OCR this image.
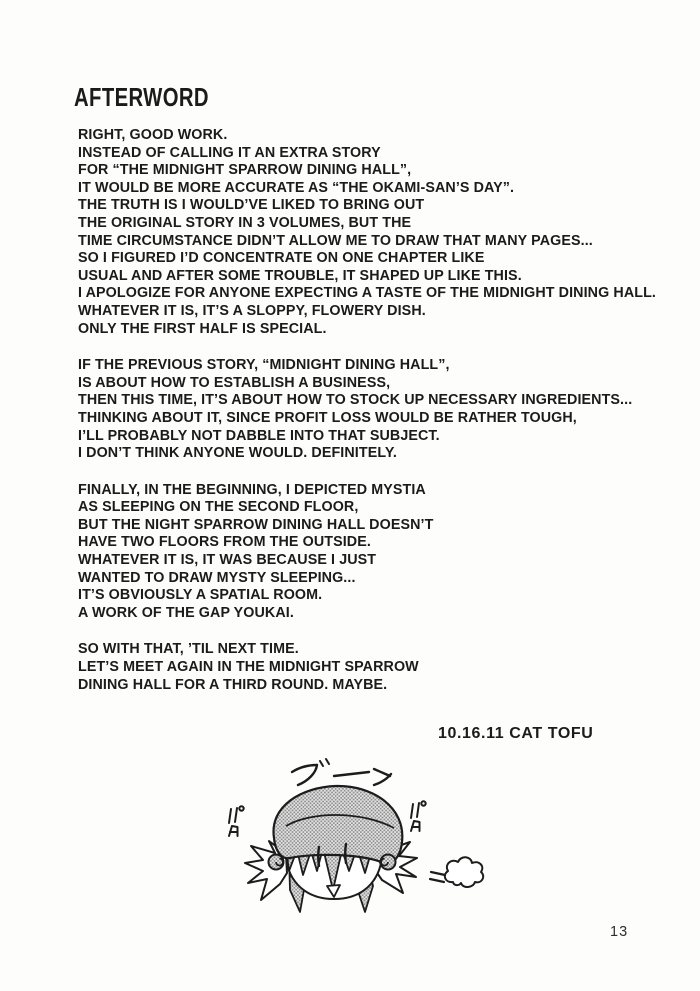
AFTERWORD

RIGHT, GOOD WORK.
INSTEAD OF CALLING IT AN EXTRA STORY
FOR “THE MIDNIGHT SPARROW DINING HALL”,
IT WOULD BE MORE ACCURATE AS “THE OKAMI-SAN’S DAY”.
THE TRUTH IS I WOULD’VE LIKED TO BRING OUT
THE ORIGINAL STORY IN 3 VOLUMES, BUT THE
TIME CIRCUMSTANCE DIDN’T ALLOW ME TO DRAW THAT MANY PAGES...
SO I FIGURED I’D CONCENTRATE ON ONE CHAPTER LIKE
USUAL AND AFTER SOME TROUBLE, IT SHAPED UP LIKE THIS.
I APOLOGIZE FOR ANYONE EXPECTING A TASTE OF THE MIDNIGHT DINING HALL.
WHATEVER IT IS, IT’S A SLOPPY, FLOWERY DISH.
ONLY THE FIRST HALF IS SPECIAL.

IF THE PREVIOUS STORY, “MIDNIGHT DINING HALL”,
IS ABOUT HOW TO ESTABLISH A BUSINESS,
THEN THIS TIME, IT’S ABOUT HOW TO STOCK UP NECESSARY INGREDIENTS...
THINKING ABOUT IT, SINCE PROFIT LOSS WOULD BE RATHER TOUGH,
I’LL PROBABLY NOT DABBLE INTO THAT SUBJECT.
I DON’T THINK ANYONE WOULD. DEFINITELY.

FINALLY, IN THE BEGINNING, I DEPICTED MYSTIA
AS SLEEPING ON THE SECOND FLOOR,
BUT THE NIGHT SPARROW DINING HALL DOESN’T
HAVE TWO FLOORS FROM THE OUTSIDE.
WHATEVER IT IS, IT WAS BECAUSE I JUST
WANTED TO DRAW MYSTY SLEEPING...
IT’S OBVIOUSLY A SPATIAL ROOM.
A WORK OF THE GAP YOUKAI.

SO WITH THAT, ’TIL NEXT TIME.
LET’S MEET AGAIN IN THE MIDNIGHT SPARROW
DINING HALL FOR A THIRD ROUND. MAYBE.

10.16.11 CAT TOFU
13
